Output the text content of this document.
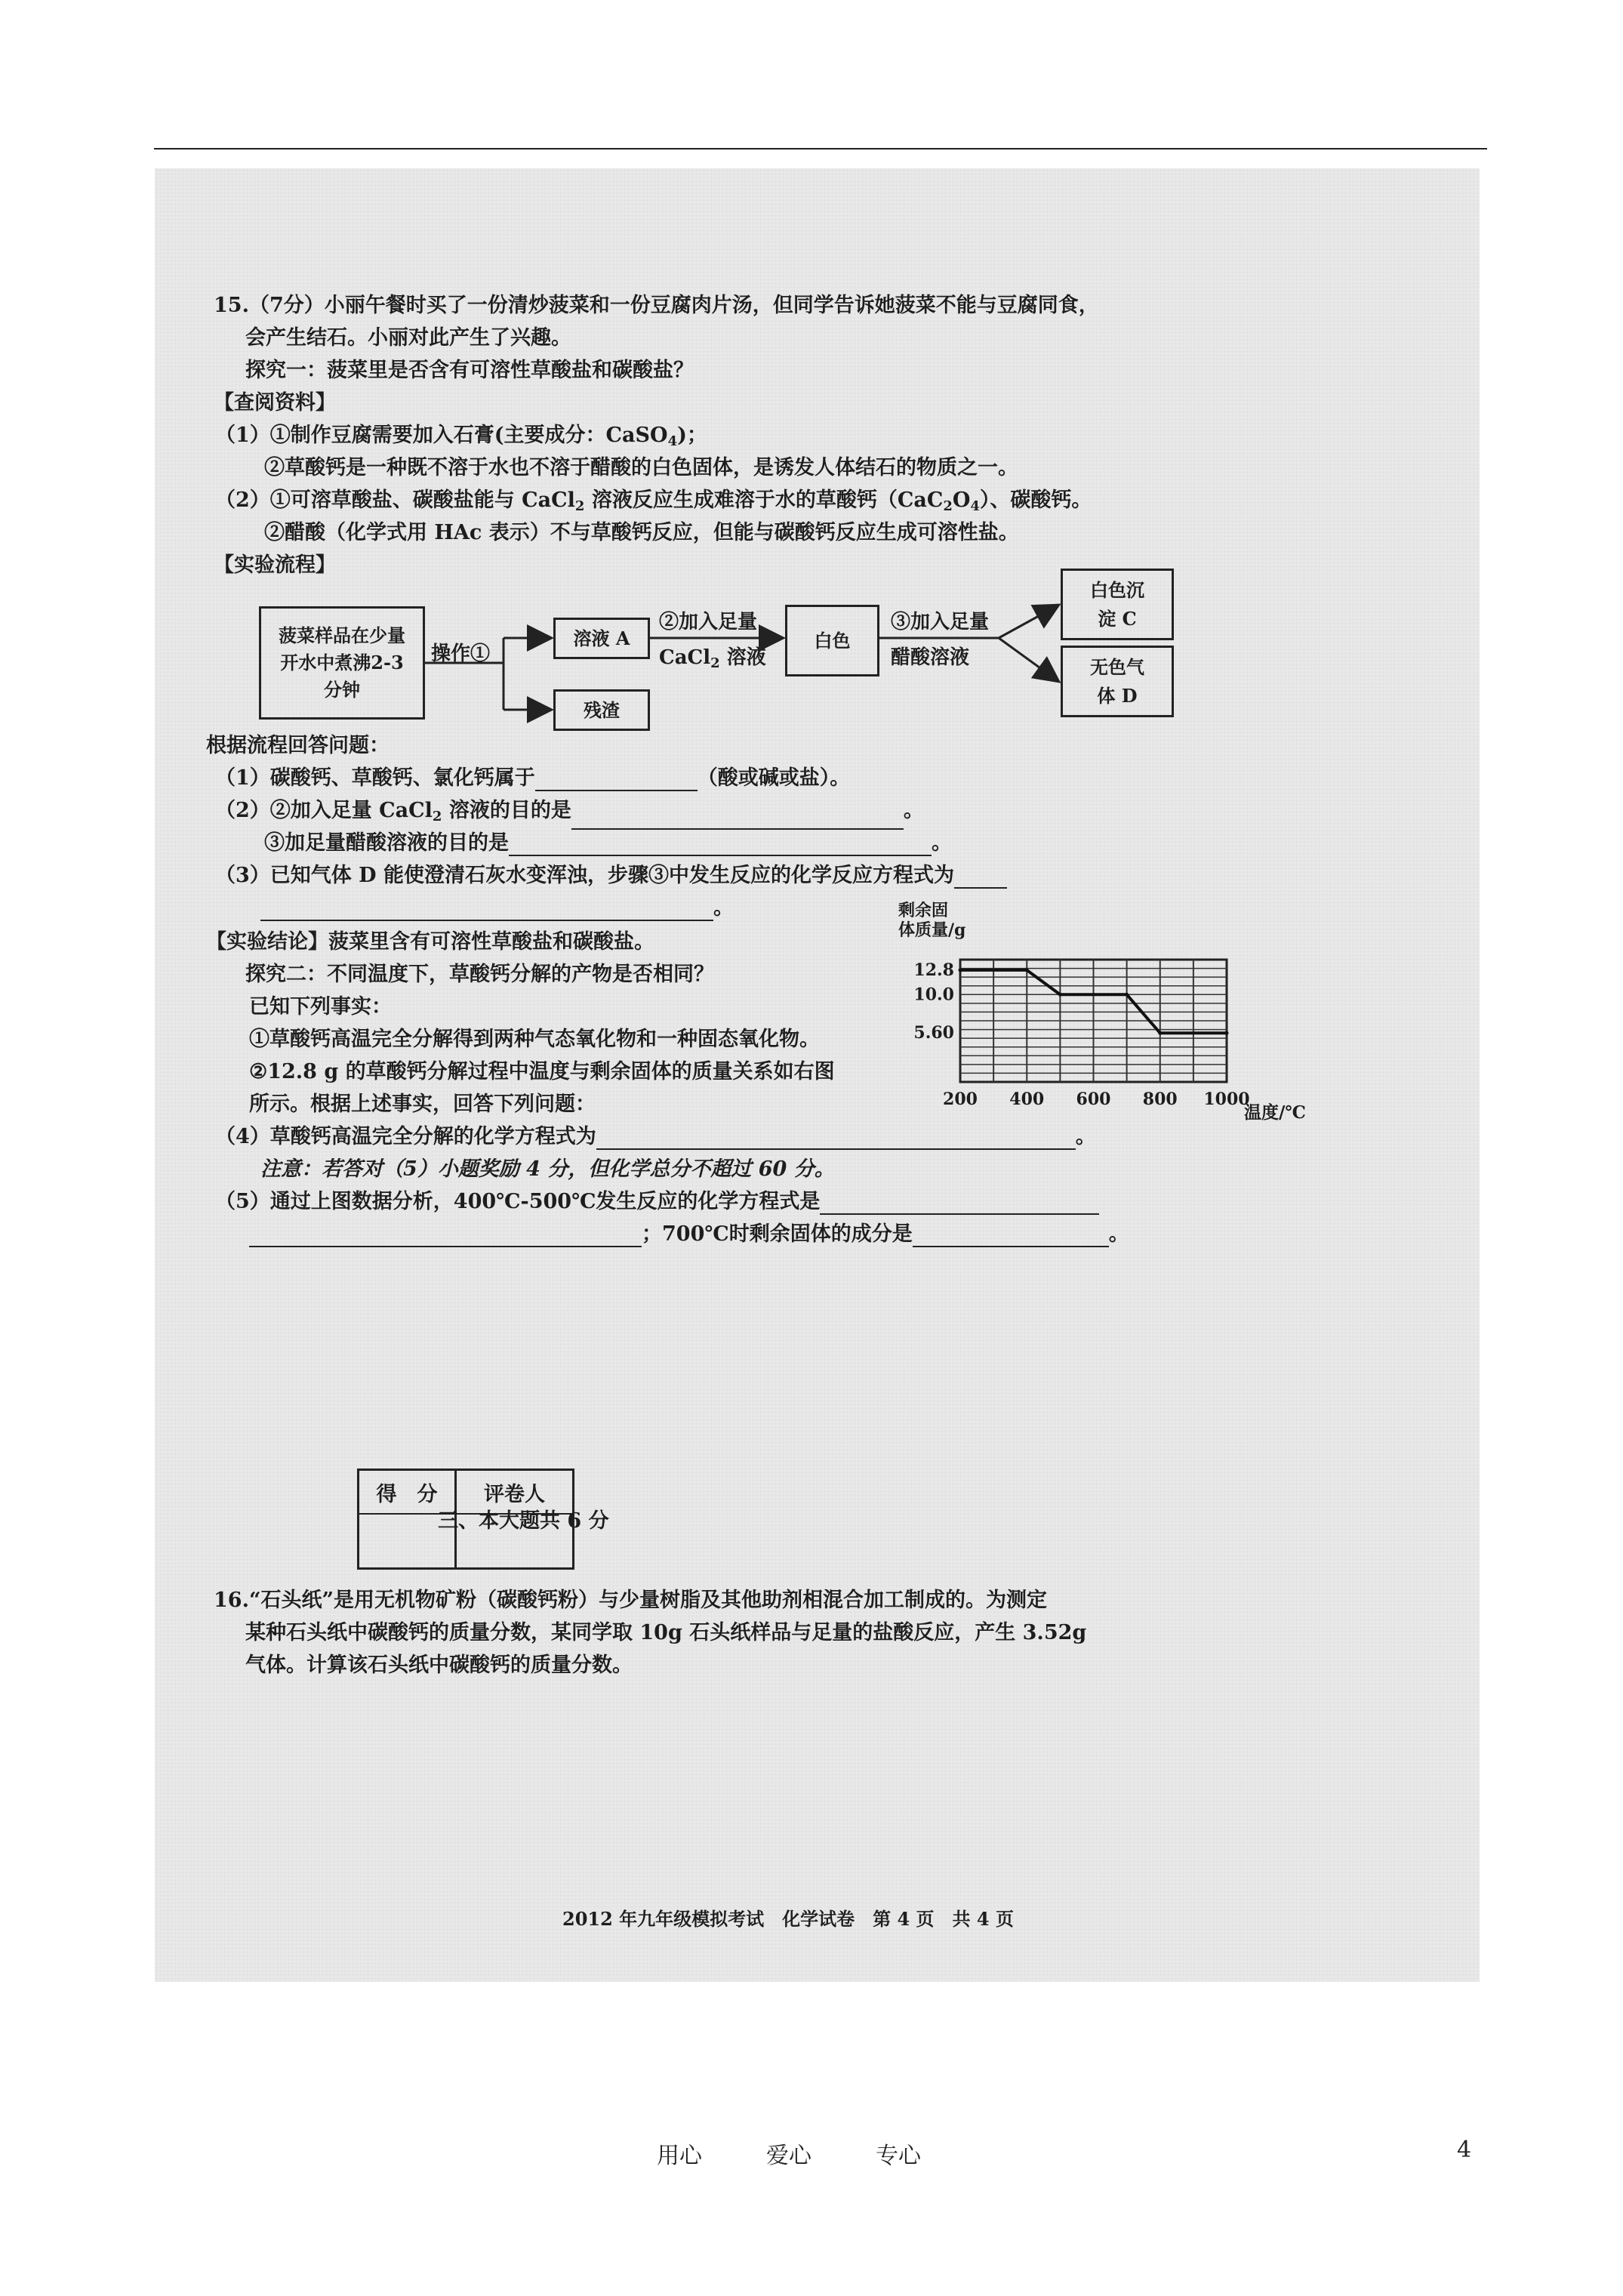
15.（7分）小丽午餐时买了一份清炒菠菜和一份豆腐肉片汤，但同学告诉她菠菜不能与豆腐同食，
会产生结石。小丽对此产生了兴趣。
探究一：菠菜里是否含有可溶性草酸盐和碳酸盐？
【查阅资料】
（1）①制作豆腐需要加入石膏(主要成分：CaSO$_4$)；
②草酸钙是一种既不溶于水也不溶于醋酸的白色固体，是诱发人体结石的物质之一。
（2）①可溶草酸盐、碳酸盐能与 CaCl$_2$ 溶液反应生成难溶于水的草酸钙$(CaC_2O_4)$、碳酸钙。
②醋酸（化学式用 HAc 表示）不与草酸钙反应，但能与碳酸钙反应生成可溶性盐。
【实验流程】
菠菜样品在少量开水中煮沸2-3分钟
操作①
溶液 A
残渣
②加入足量
CaCl$_2$ 溶液
白色
③加入足量
醋酸溶液
白色沉淀 C
无色气体 D
根据流程回答问题：
（1）碳酸钙、草酸钙、氯化钙属于	（酸或碱或盐）。
（2）②加入足量 CaCl$_2$ 溶液的目的是	。
③加足量醋酸溶液的目的是	。
（3）已知气体 D 能使澄清石灰水变浑浊，步骤③中发生反应的化学反应方程式为
。
【实验结论】菠菜里含有可溶性草酸盐和碳酸盐。
探究二：不同温度下，草酸钙分解的产物是否相同？
已知下列事实：
①草酸钙高温完全分解得到两种气态氧化物和一种固态氧化物。
②12.8 g 的草酸钙分解过程中温度与剩余固体的质量关系如右图
所示。根据上述事实，回答下列问题：
（4）草酸钙高温完全分解的化学方程式为	。
注意：若答对（5）小题奖励 4 分，但化学总分不超过 60 分。
（5）通过上图数据分析，400℃-500℃发生反应的化学方程式是
；700℃时剩余固体的成分是	。
剩余固
体质量/g
200 400 600 800 1000
12.8
10.0
5.60
温度/℃
得　分	评卷人
三、本大题共 6 分
16.“石头纸”是用无机物矿粉（碳酸钙粉）与少量树脂及其他助剂相混合加工制成的。为测定
某种石头纸中碳酸钙的质量分数，某同学取 10g 石头纸样品与足量的盐酸反应，产生 3.52g
气体。计算该石头纸中碳酸钙的质量分数。
2012 年九年级模拟考试　化学试卷　第 4 页　共 4 页
用心	爱心	专心	4
